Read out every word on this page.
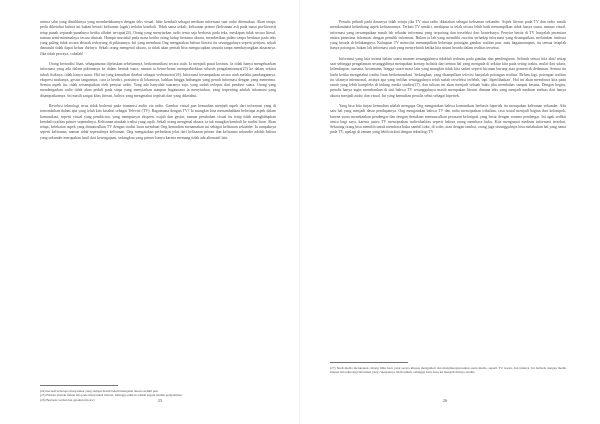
semua silat yang dimilikinya yang membedakannya dengan teks visual, lahir kembali sebagai medium informasi saat radio ditemukan. Akan tetapi, perlu diketahui bahwa ini bukan berarti kelisanan (agak) terlahir kembali. Tidak sama sekali, kelisanan primer (kelisanan asli pada masa pra-literasi) tetap punah sepunah-punahnya ketika alfabet tercipta(24). Orang yang menyiarkan radio tentu saja berbasis pada teks, meskipun tidak secara literal, namun semi-minimalnya secara abstrak. Hampir mustahil pada masa ketika orang hidup bersama aksara, memberikan pidato tanpa berdasar pada teks yang paling tidak secara abstrak terbayang di pikirannya. Ini yang membuat Ong mengatakan bahwa literasi itu sesungguhnya seperti penjara, sekali dimasuki tidak dapat keluar darinya. Sekali orang mengenal aksara, ia tidak akan pernah bisa mengucapkan sesuatu tanpa membayangkan aksaranya. Jika tidak percaya, cobalah!

Orang bertradisi lisan, sebagaimana dijelaskan sebelumnya, berkomunikasi secara utuh. Ia menjadi pusat kosmos. Ia tidak hanya mengeluarkan informasi yang ada dalam pikirannya ke dalam bentuk suara, namun ia benar-benar mempraktekkan seluruh pengalamannya(25) ke dalam sekitar tubuh fisiknya, tidak hanya suara. Hal ini yang kemudian disebut sebagai verbomotor(26). Informasi tersampaikan secara utuh melalui pandangannya, ekspresi mukanya, gestur tangannya, cara ia berdiri, posisinya di lokasinya, bahkan hingga hubungan yang penuh informasi dengan yang menerima. Semua aspek itu, tidak tersampaikan oleh penyiar radio. Yang ada hanyalah suaranya saja, yang sudah terlepas dari pemberi suara. Orang yang mendengarkan radio tidak akan peduli pada siapa yang menyiarkan ataupun bagaimana ia menyiarkan, yang terpenting adalah informasi yang disampaikannya. Ini masih sangat khas literasi, bahwa yang mengetahui terpisah dari yang diketahui.

Revolusi teknologi terus tidak berhenti pada transmisi audio via radio. Gambar visual pun kemudian menjadi aspek dari informasi yang di transmisikan dalam apa yang telah kita ketahui sebagai Televisi (TV). Bagaimana dengan TV? Ia mungkin bisa menambahkan beberapa aspek dalam komunikasi, seperti visual yang pembicara, yang mempunyai ekspresi wajah dan gestur, namun perubahan visual itu tetap tidak menghidupkan kembali oralitas primer sepenuhnya. Kelisanan ataukah tradisi yang rapih. Sekali orang mengenal aksara, ia tak mungkin kembali ke tradisi lisan. Akan tetapi, kelekatan aspek yang dimunculkan TV dengan tradisi lisan membuat Ong kemudian menamakan ini sebagai kelisanan sekunder. Ia tampaknya seperti kelisanan, namun tidak sepenuhnya kelisanan. Ong mengatakan perbedaan jelas dari kelisanan primer dan kelisanan sekunder adalah bahwa yang sekunder merupakan hasil dari kesengajaan, sedangkan yang primer hanya karena memang tidak ada alternatif lain.

(24) kecuali beberapa masyarakat yang sampai masih belum mengenal aksara sedikit pun
(25) Pikiran abstrak bukan ada pada masyarakat literasi, sehingga pikiran adalah segala bentuk pengalaman
(26) Berbasis verbal dan gerakan (motor)	25

Penulis pribadi pada dasarnya tidak setuju jika TV atau radio dikatakan sebagai kelisanan sekunder. Aspek literasi pada TV dan radio masih mendominasi ketimbang aspek kelisanannya. Terkait TV sendiri, meskipun ia telah secara lebih baik menampilkan tidak hanya suara, namun visual, informasi yang tersampaikan masih lah sekadar informasi yang terpotong dan terseleksi dari konteksnya. Penyiar berita di TV hanyalah perantara antara penerima informasi dengan pemilik informasi. Bukan ia lah yang memiliki otoritas terhadap informasi yang disampaikan, melainkan institusi yang berada di belakangnya. Kalaupun TV mencoba menampilkan beberapa potongan gambar realitas pun, mau bagaimanapun, itu semua tetaplah hanya potongan, bukan lah informasi utuh yang menyeluruh ketika kita murni berada dalam realitas tersebut.

Informasi yang kita terima dalam suatu momen sesungguhnya tidaklah terbatas pada gambar dan pendengaran. Seluruh sensor kita aktif setiap saat sehingga pengalaman sesungguhnya merupakan konsep holistik dari semua hal yang mengada di sekitar kita pada setiap waktu, mulai dari udara, kelembapan, suasana, keramaian, hingga suara-suara lain yang mungkin tidak kita sadari seperti kicauan burung atau gemericik dedaunan. Semua itu hadir ketika mengetahui tradisi lisan berkomunikasi. Sedangkan, yang ditampilkan televisi hanyalah potongan realitas. Belum lagi, potongan realitas itu sifatnya intensional, artinya apa yang terlihat sesungguhnya telah sudah terseleksi terlebih, tapi 'diperlihatkan'. Hal ini akan membawa kita pada ranah yang lebih kompleks di bidang media studies(27), dan tulisan ini akan menjadi sebuah buku jika membahas sampai kesana. Dengan begitu, penulis hanya ingin menekankan di sini bahwa TV sesungguhnya masih merupakan literasi dimana teks yang menjadi medium meluas dari hanya aksara menjadi audio dan visual. Ini yang kemudian penulis sebut sebagai hipertek.

Yang bisa kita tinjau kemudian adalah mengapa Ong mengatakan bahwa komunikasi berbasis hipertek itu merupakan kelisanan sekunder. Ada satu hal yang menjadi dasar pendapatnya. Ong mengatakan bahwa TV dan radio menciptakan tribalitas, rasa sosial menjadi bagian dari kelompok, karena suara menekankan pendengar dan dengan demikian memunculkan perasaan kelompok yang besar dengan sesama pendengar. Ini agak sedikit rancu bagi saya, karena justru TV menciptakan individualitas seperti halnya orang membaca buku. Kita menguasai medium informasi tersebut. Sekarang orang bisa memilih untuk membaca buku sambil tidur, di toilet, atau dengan tambat, orang juga sesungguhnya bisa melakukan hal yang sama pada TV, apalagi di zaman yang lebih terkini dengan teknologi TV

(27) Studi media merupakan cabang ilmu baru yang secara khusus mengamati dan menginterpretasikan suatu media, seperti TV, koran, dan lainnya. Ini berbeda dengan media literasi dan teknologi informasi yang cakupannya lebih umum, sehingga baru-baru ini menjadi dirinya sendiri.
26
